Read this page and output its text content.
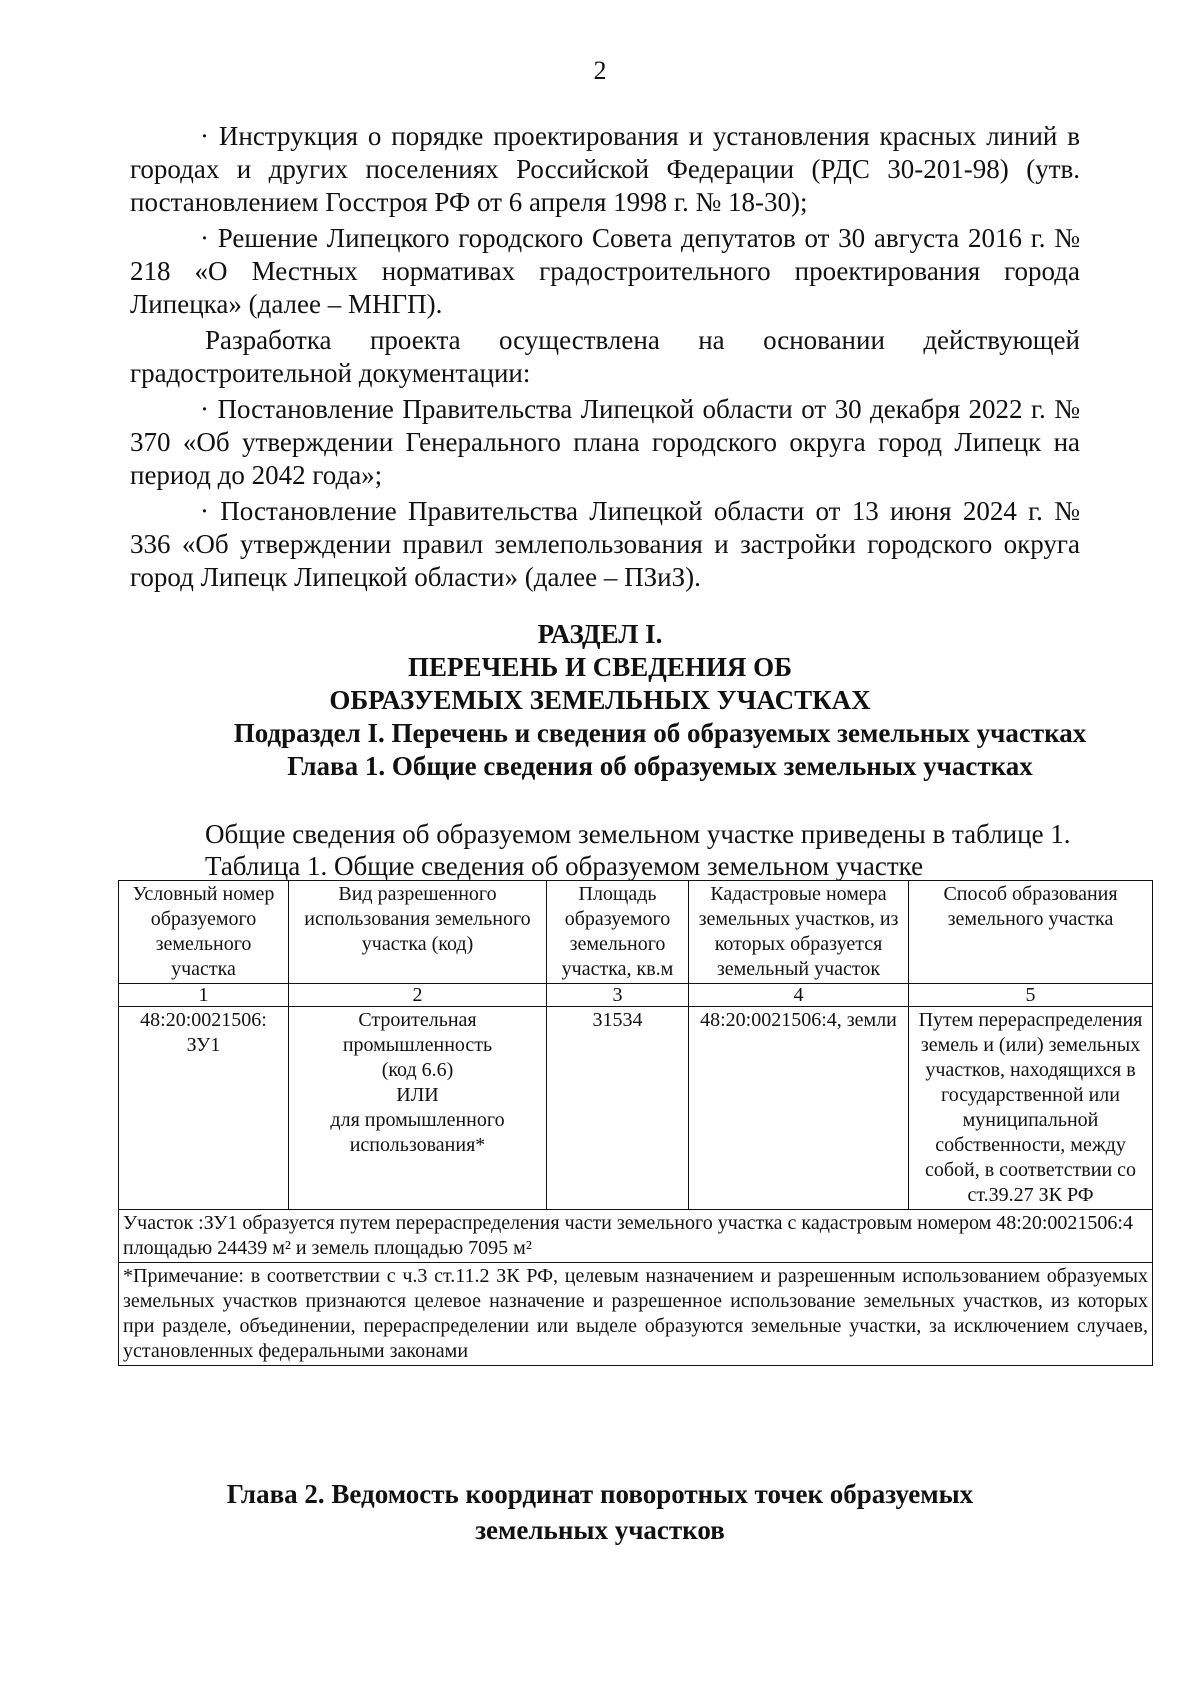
2

· Инструкция о порядке проектирования и установления красных линий в городах и других поселениях Российской Федерации (РДС 30-201-98) (утв. постановлением Госстроя РФ от 6 апреля 1998 г. № 18-30);

· Решение Липецкого городского Совета депутатов от 30 августа 2016 г. № 218 «О Местных нормативах градостроительного проектирования города Липецка» (далее – МНГП).

Разработка проекта осуществлена на основании действующей градостроительной документации:

· Постановление Правительства Липецкой области от 30 декабря 2022 г. № 370 «Об утверждении Генерального плана городского округа город Липецк на период до 2042 года»;

· Постановление Правительства Липецкой области от 13 июня 2024 г. № 336 «Об утверждении правил землепользования и застройки городского округа город Липецк Липецкой области» (далее – ПЗиЗ).

РАЗДЕЛ I.
ПЕРЕЧЕНЬ И СВЕДЕНИЯ ОБ
ОБРАЗУЕМЫХ ЗЕМЕЛЬНЫХ УЧАСТКАХ
Подраздел I. Перечень и сведения об образуемых земельных участках
Глава 1. Общие сведения об образуемых земельных участках
Общие сведения об образуемом земельном участке приведены в таблице 1.
Таблица 1. Общие сведения об образуемом земельном участке
Условный номер образуемого земельного участка	Вид разрешенного использования земельного участка (код)	Площадь образуемого земельного участка, кв.м	Кадастровые номера земельных участков, из которых образуется земельный участок	Способ образования земельного участка
1	2	3	4	5
48:20:0021506: ЗУ1	Строительная промышленность
(код 6.6)
ИЛИ
для промышленного использования*	31534	48:20:0021506:4, земли	Путем перераспределения земель и (или) земельных участков, находящихся в государственной или муниципальной собственности, между собой, в соответствии со ст.39.27 ЗК РФ
Участок :ЗУ1 образуется путем перераспределения части земельного участка с кадастровым номером 48:20:0021506:4 площадью 24439 м² и земель площадью 7095 м²				
*Примечание: в соответствии с ч.3 ст.11.2 ЗК РФ, целевым назначением и разрешенным использованием образуемых земельных участков признаются целевое назначение и разрешенное использование земельных участков, из которых при разделе, объединении, перераспределении или выделе образуются земельные участки, за исключением случаев, установленных федеральными законами				
Глава 2. Ведомость координат поворотных точек образуемых
земельных участков
